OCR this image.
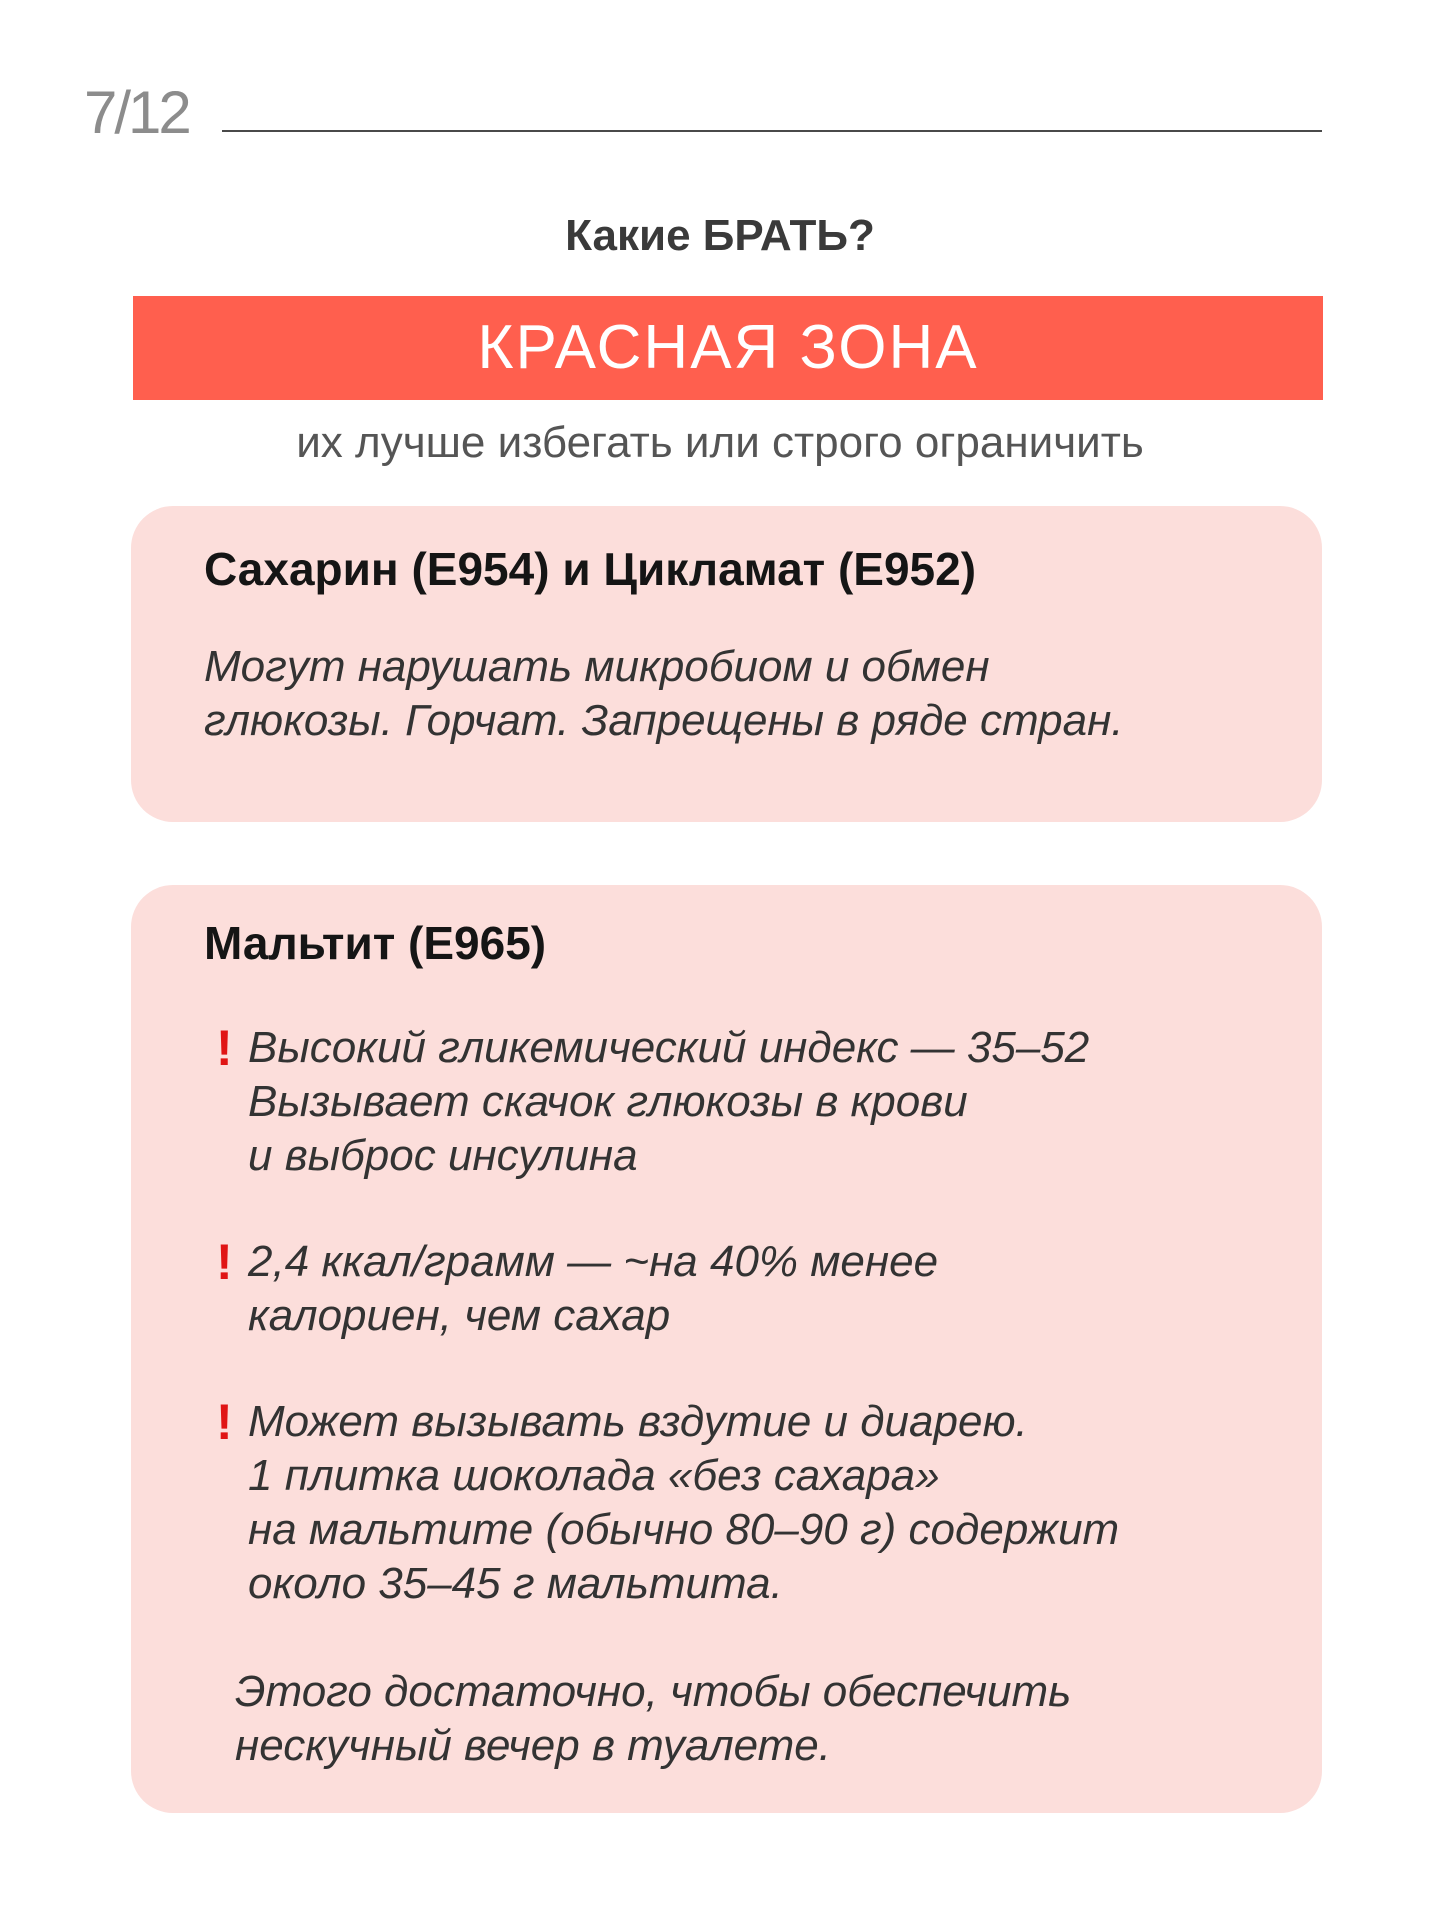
7/12
Какие БРАТЬ?
КРАСНАЯ ЗОНА
их лучше избегать или строго ограничить
Сахарин (E954) и Цикламат (E952)
Могут нарушать микробиом и обмен
глюкозы. Горчат. Запрещены в ряде стран.
Мальтит (E965)
! Высокий гликемический индекс — 35–52
Вызывает скачок глюкозы в крови
и выброс инсулина
! 2,4 ккал/грамм — ~на 40% менее
калориен, чем сахар
! Может вызывать вздутие и диарею.
1 плитка шоколада «без сахара»
на мальтите (обычно 80–90 г) содержит
около 35–45 г мальтита.
Этого достаточно, чтобы обеспечить
нескучный вечер в туалете.
